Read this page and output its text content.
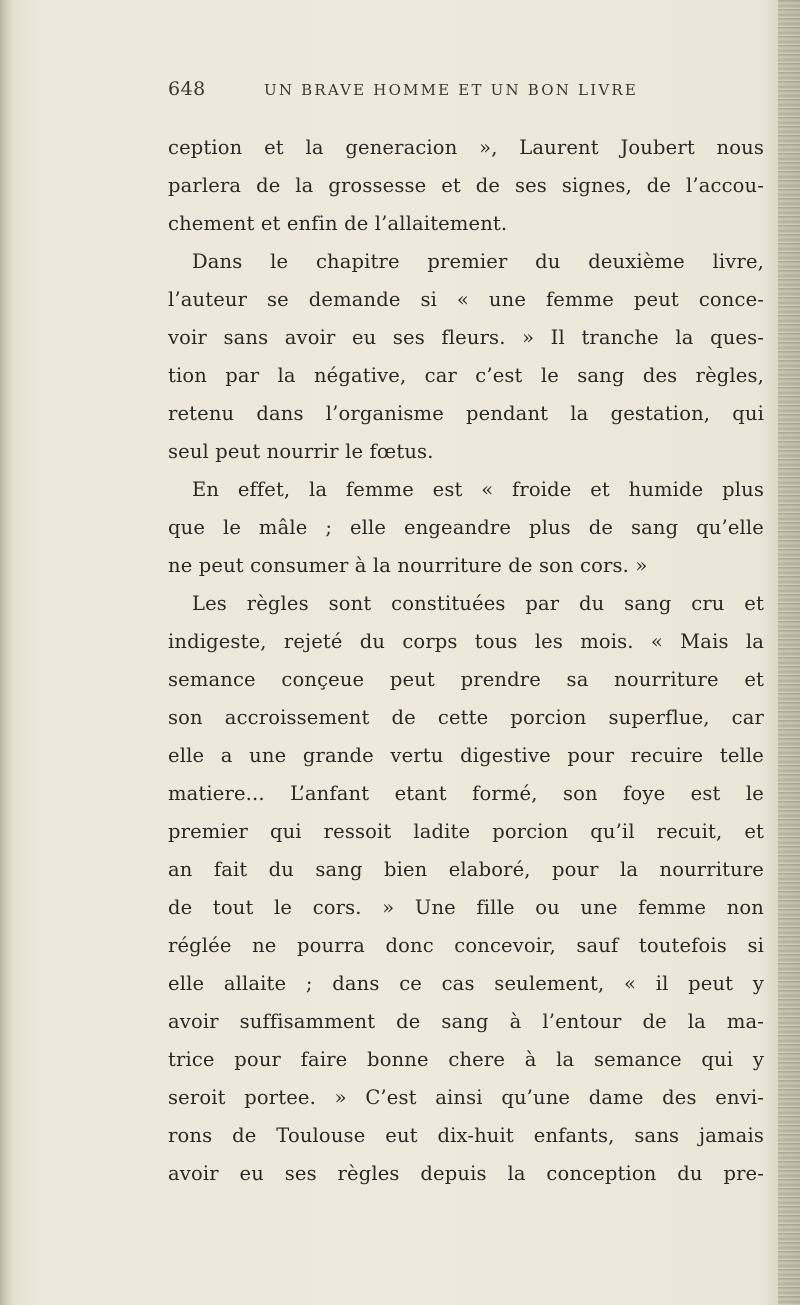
648	UN BRAVE HOMME ET UN BON LIVRE
ception et la generacion », Laurent Joubert nous
parlera de la grossesse et de ses signes, de l’accou-
chement et enfin de l’allaitement.
Dans le chapitre premier du deuxième livre,
l’auteur se demande si « une femme peut conce-
voir sans avoir eu ses fleurs. » Il tranche la ques-
tion par la négative, car c’est le sang des règles,
retenu dans l’organisme pendant la gestation, qui
seul peut nourrir le fœtus.
En effet, la femme est « froide et humide plus
que le mâle ; elle engeandre plus de sang qu’elle
ne peut consumer à la nourriture de son cors. »
Les règles sont constituées par du sang cru et
indigeste, rejeté du corps tous les mois. « Mais la
semance conçeue peut prendre sa nourriture et
son accroissement de cette porcion superflue, car
elle a une grande vertu digestive pour recuire telle
matiere... L’anfant etant formé, son foye est le
premier qui ressoit ladite porcion qu’il recuit, et
an fait du sang bien elaboré, pour la nourriture
de tout le cors. » Une fille ou une femme non
réglée ne pourra donc concevoir, sauf toutefois si
elle allaite ; dans ce cas seulement, « il peut y
avoir suffisamment de sang à l’entour de la ma-
trice pour faire bonne chere à la semance qui y
seroit portee. » C’est ainsi qu’une dame des envi-
rons de Toulouse eut dix-huit enfants, sans jamais
avoir eu ses règles depuis la conception du pre-
